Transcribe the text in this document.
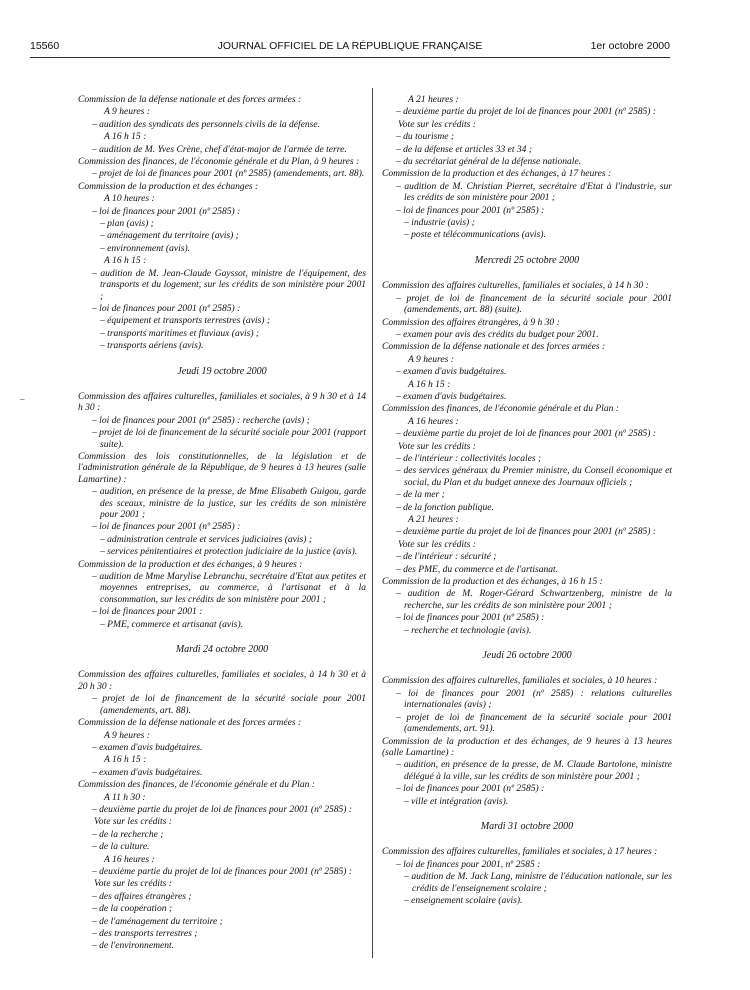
15560	JOURNAL OFFICIEL DE LA RÉPUBLIQUE FRANÇAISE	1er octobre 2000
–
Commission de la défense nationale et des forces armées :
A 9 heures :
– audition des syndicats des personnels civils de la défense.
A 16 h 15 :
– audition de M. Yves Crène, chef d'état-major de l'armée de terre.
Commission des finances, de l'économie générale et du Plan, à 9 heures :
– projet de loi de finances pour 2001 (nº 2585) (amendements, art. 88).
Commission de la production et des échanges :
A 10 heures :
– loi de finances pour 2001 (nº 2585) :
– plan (avis) ;
– aménagement du territoire (avis) ;
– environnement (avis).
A 16 h 15 :
– audition de M. Jean-Claude Gayssot, ministre de l'équipement, des transports et du logement, sur les crédits de son ministère pour 2001 ;
– loi de finances pour 2001 (nº 2585) :
– équipement et transports terrestres (avis) ;
– transports maritimes et fluviaux (avis) ;
– transports aériens (avis).
Jeudi 19 octobre 2000
Commission des affaires culturelles, familiales et sociales, à 9 h 30 et à 14 h 30 :
– loi de finances pour 2001 (nº 2585) : recherche (avis) ;
– projet de loi de financement de la sécurité sociale pour 2001 (rapport suite).
Commission des lois constitutionnelles, de la législation et de l'administration générale de la République, de 9 heures à 13 heures (salle Lamartine) :
– audition, en présence de la presse, de Mme Elisabeth Guigou, garde des sceaux, ministre de la justice, sur les crédits de son ministère pour 2001 ;
– loi de finances pour 2001 (nº 2585) :
– administration centrale et services judiciaires (avis) ;
– services pénitentiaires et protection judiciaire de la justice (avis).
Commission de la production et des échanges, à 9 heures :
– audition de Mme Marylise Lebranchu, secrétaire d'Etat aux petites et moyennes entreprises, au commerce, à l'artisanat et à la consommation, sur les crédits de son ministère pour 2001 ;
– loi de finances pour 2001 :
– PME, commerce et artisanat (avis).
Mardi 24 octobre 2000
Commission des affaires culturelles, familiales et sociales, à 14 h 30 et à 20 h 30 :
– projet de loi de financement de la sécurité sociale pour 2001 (amendements, art. 88).
Commission de la défense nationale et des forces armées :
A 9 heures :
– examen d'avis budgétaires.
A 16 h 15 :
– examen d'avis budgétaires.
Commission des finances, de l'économie générale et du Plan :
A 11 h 30 :
– deuxième partie du projet de loi de finances pour 2001 (nº 2585) :
Vote sur les crédits :
– de la recherche ;
– de la culture.
A 16 heures :
– deuxième partie du projet de loi de finances pour 2001 (nº 2585) :
Vote sur les crédits :
– des affaires étrangères ;
– de la coopération ;
– de l'aménagement du territoire ;
– des transports terrestres ;
– de l'environnement.
A 21 heures :
– deuxième partie du projet de loi de finances pour 2001 (nº 2585) :
Vote sur les crédits :
– du tourisme ;
– de la défense et articles 33 et 34 ;
– du secrétariat général de la défense nationale.
Commission de la production et des échanges, à 17 heures :
– audition de M. Christian Pierret, secrétaire d'Etat à l'industrie, sur les crédits de son ministère pour 2001 ;
– loi de finances pour 2001 (nº 2585) :
– industrie (avis) ;
– poste et télécommunications (avis).
Mercredi 25 octobre 2000
Commission des affaires culturelles, familiales et sociales, à 14 h 30 :
– projet de loi de financement de la sécurité sociale pour 2001 (amendements, art. 88) (suite).
Commission des affaires étrangères, à 9 h 30 :
– examen pour avis des crédits du budget pour 2001.
Commission de la défense nationale et des forces armées :
A 9 heures :
– examen d'avis budgétaires.
A 16 h 15 :
– examen d'avis budgétaires.
Commission des finances, de l'économie générale et du Plan :
A 16 heures :
– deuxième partie du projet de loi de finances pour 2001 (nº 2585) :
Vote sur les crédits :
– de l'intérieur : collectivités locales ;
– des services généraux du Premier ministre, du Conseil économique et social, du Plan et du budget annexe des Journaux officiels ;
– de la mer ;
– de la fonction publique.
A 21 heures :
– deuxième partie du projet de loi de finances pour 2001 (nº 2585) :
Vote sur les crédits :
– de l'intérieur : sécurité ;
– des PME, du commerce et de l'artisanat.
Commission de la production et des échanges, à 16 h 15 :
– audition de M. Roger-Gérard Schwartzenberg, ministre de la recherche, sur les crédits de son ministère pour 2001 ;
– loi de finances pour 2001 (nº 2585) :
– recherche et technologie (avis).
Jeudi 26 octobre 2000
Commission des affaires culturelles, familiales et sociales, à 10 heures :
– loi de finances pour 2001 (nº 2585) : relations culturelles internationales (avis) ;
– projet de loi de financement de la sécurité sociale pour 2001 (amendements, art. 91).
Commission de la production et des échanges, de 9 heures à 13 heures (salle Lamartine) :
– audition, en présence de la presse, de M. Claude Bartolone, ministre délégué à la ville, sur les crédits de son ministère pour 2001 ;
– loi de finances pour 2001 (nº 2585) :
– ville et intégration (avis).
Mardi 31 octobre 2000
Commission des affaires culturelles, familiales et sociales, à 17 heures :
– loi de finances pour 2001, nº 2585 :
– audition de M. Jack Lang, ministre de l'éducation nationale, sur les crédits de l'enseignement scolaire ;
– enseignement scolaire (avis).
